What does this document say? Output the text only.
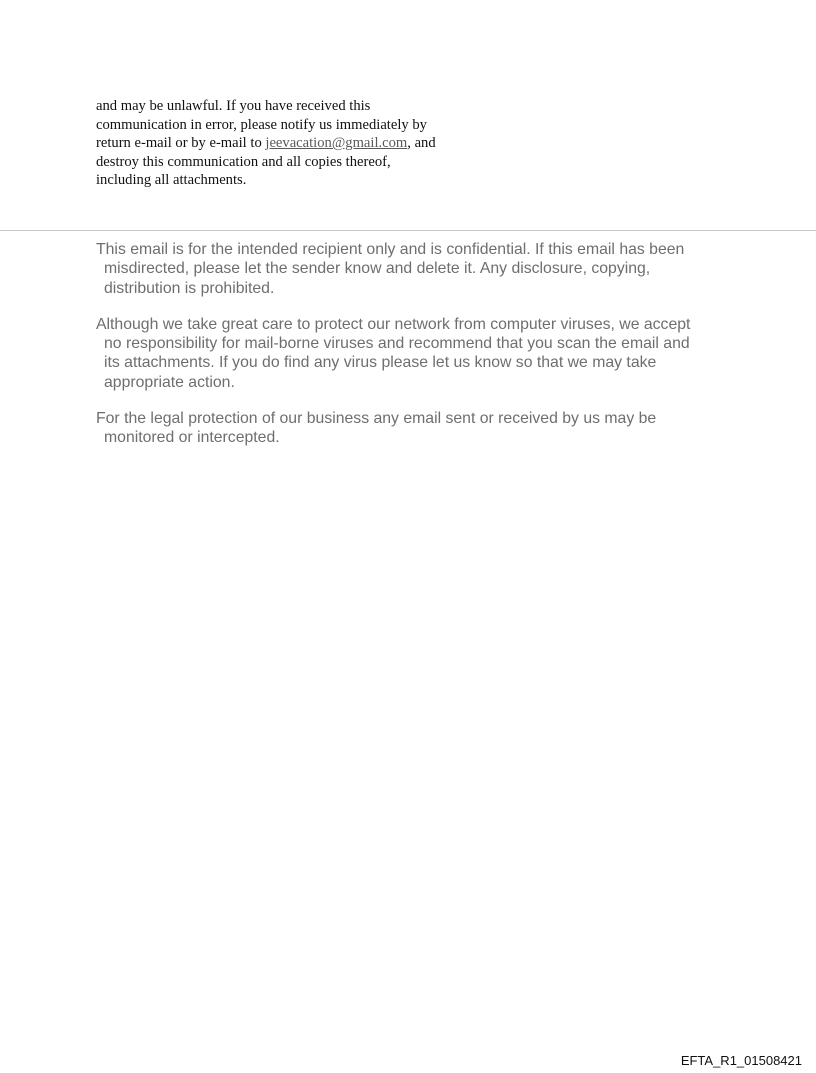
and may be unlawful. If you have received this
communication in error, please notify us immediately by
return e-mail or by e-mail to jeevacation@gmail.com, and
destroy this communication and all copies thereof,
including all attachments.
This email is for the intended recipient only and is confidential. If this email has been
misdirected, please let the sender know and delete it. Any disclosure, copying,
distribution is prohibited.
Although we take great care to protect our network from computer viruses, we accept
no responsibility for mail-borne viruses and recommend that you scan the email and
its attachments. If you do find any virus please let us know so that we may take
appropriate action.
For the legal protection of our business any email sent or received by us may be
monitored or intercepted.
EFTA_R1_01508421
